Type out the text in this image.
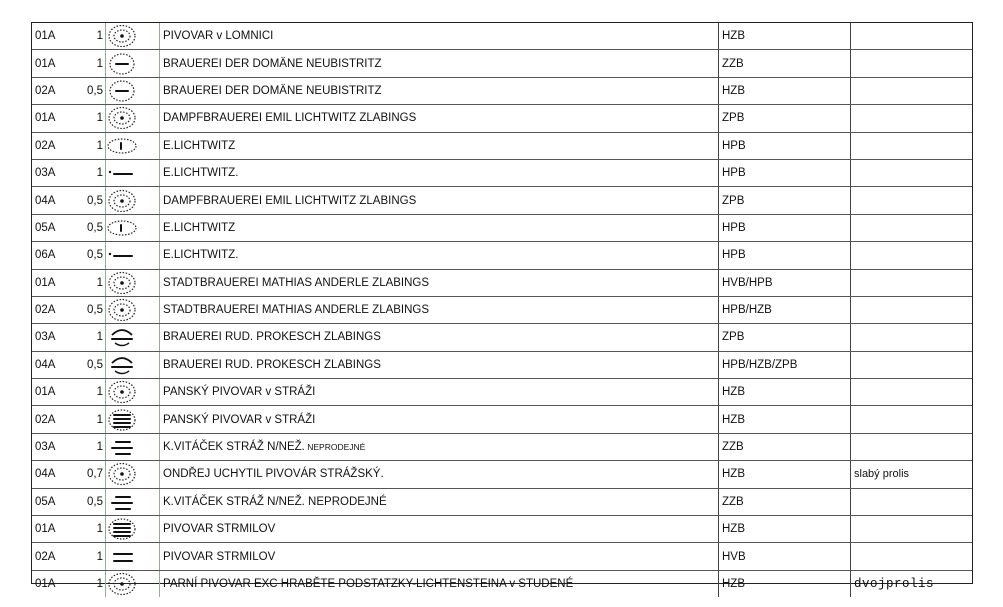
01A	1		PIVOVAR v LOMNICI	HZB	
01A	1		BRAUEREI DER DOMÄNE NEUBISTRITZ	ZZB	
02A	0,5		BRAUEREI DER DOMÄNE NEUBISTRITZ	HZB	
01A	1		DAMPFBRAUEREI EMIL LICHTWITZ ZLABINGS	ZPB	
02A	1		E.LICHTWITZ	HPB	
03A	1		E.LICHTWITZ.	HPB	
04A	0,5		DAMPFBRAUEREI EMIL LICHTWITZ ZLABINGS	ZPB	
05A	0,5		E.LICHTWITZ	HPB	
06A	0,5		E.LICHTWITZ.	HPB	
01A	1		STADTBRAUEREI MATHIAS ANDERLE ZLABINGS	HVB/HPB	
02A	0,5		STADTBRAUEREI MATHIAS ANDERLE ZLABINGS	HPB/HZB	
03A	1		BRAUEREI RUD. PROKESCH ZLABINGS	ZPB	
04A	0,5		BRAUEREI RUD. PROKESCH ZLABINGS	HPB/HZB/ZPB	
01A	1		PANSKÝ PIVOVAR v STRÁŽI	HZB	
02A	1		PANSKÝ PIVOVAR v STRÁŽI	HZB	
03A	1		K.VITÁČEK STRÁŽ N/NEŽ. NEPRODEJNÉ	ZZB	
04A	0,7		ONDŘEJ UCHYTIL PIVOVÁR STRÁŽSKÝ.	HZB	slabý prolis
05A	0,5		K.VITÁČEK STRÁŽ N/NEŽ. NEPRODEJNÉ	ZZB	
01A	1		PIVOVAR STRMILOV	HZB	
02A	1		PIVOVAR STRMILOV	HVB	
01A	1		PARNÍ PIVOVAR EXC HRABĚTE PODSTATZKY-LICHTENSTEINA v STUDENÉ	HZB	dvojprolis
